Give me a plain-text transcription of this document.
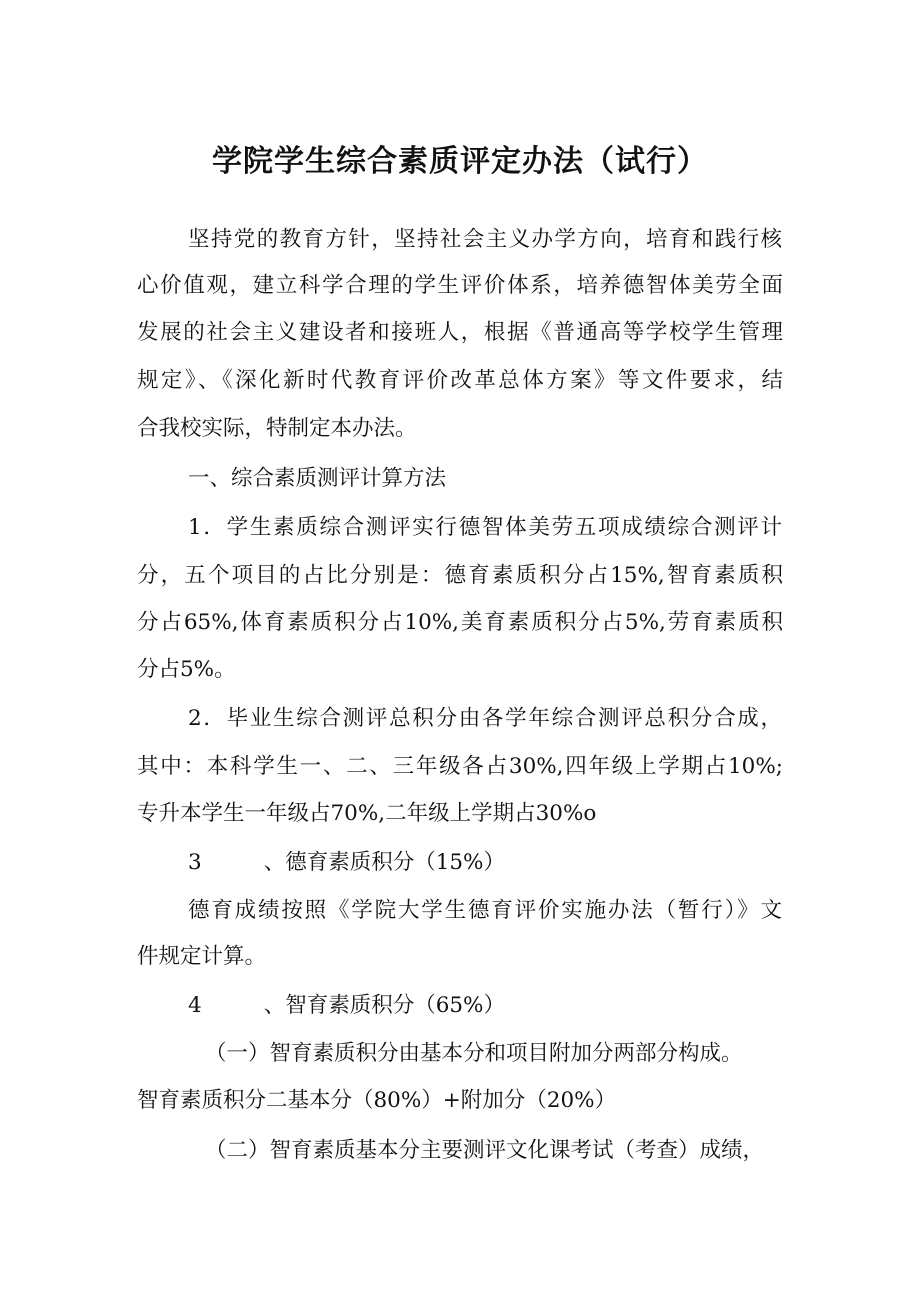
学院学生综合素质评定办法（试行）
坚持党的教育方针，坚持社会主义办学方向，培育和践行核
心价值观，建立科学合理的学生评价体系，培养德智体美劳全面
发展的社会主义建设者和接班人，根据《普通高等学校学生管理
规定》、《深化新时代教育评价改革总体方案》等文件要求，结
合我校实际，特制定本办法。
一、综合素质测评计算方法
1．学生素质综合测评实行德智体美劳五项成绩综合测评计
分，五个项目的占比分别是：德育素质积分占15%,智育素质积
分占65%,体育素质积分占10%,美育素质积分占5%,劳育素质积
分占5%。
2．毕业生综合测评总积分由各学年综合测评总积分合成，
其中：本科学生一、二、三年级各占30%,四年级上学期占10%;
专升本学生一年级占70%,二年级上学期占30%o
3	、德育素质积分（15%）
德育成绩按照《学院大学生德育评价实施办法（暂行）》文
件规定计算。
4	、智育素质积分（65%）
（一）智育素质积分由基本分和项目附加分两部分构成。
智育素质积分二基本分（80%）+附加分（20%）
（二）智育素质基本分主要测评文化课考试（考查）成绩，
